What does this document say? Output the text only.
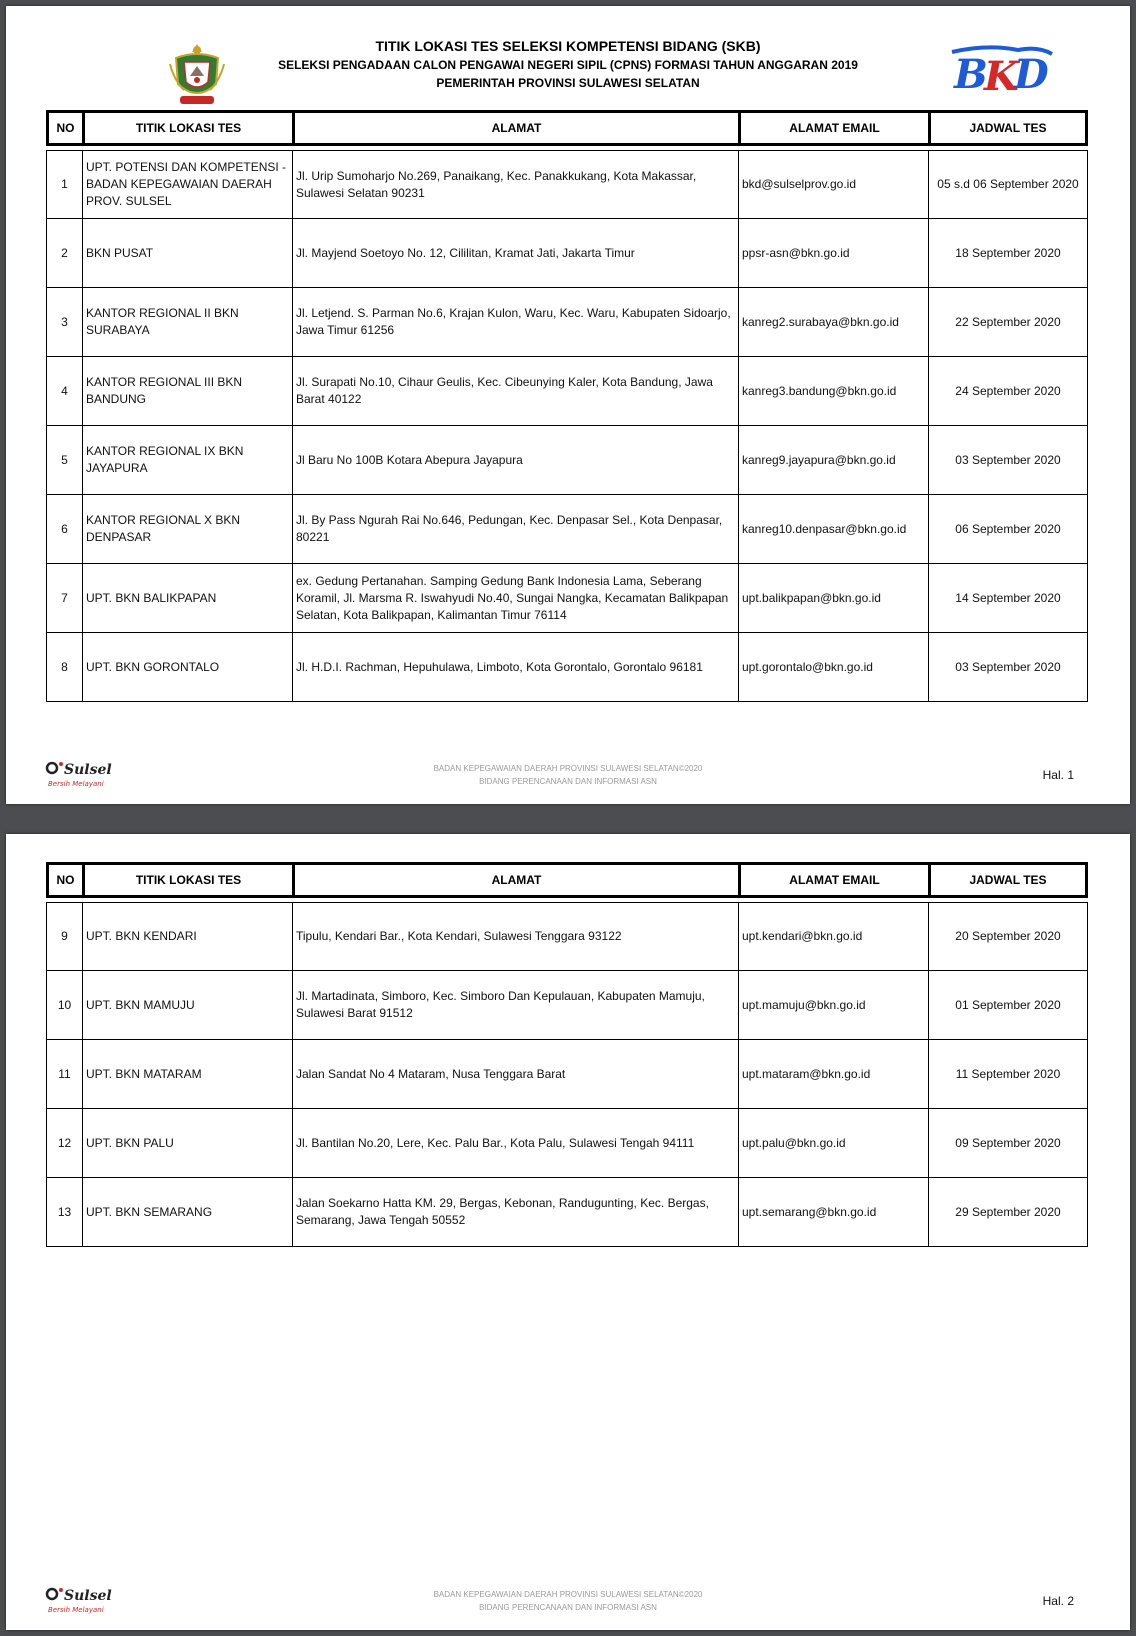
TITIK LOKASI TES SELEKSI KOMPETENSI BIDANG (SKB)
SELEKSI PENGADAAN CALON PENGAWAI NEGERI SIPIL (CPNS) FORMASI TAHUN ANGGARAN 2019
PEMERINTAH PROVINSI SULAWESI SELATAN	B
K
D
NO	TITIK LOKASI TES	ALAMAT	ALAMAT EMAIL	JADWAL TES

1	UPT. POTENSI DAN KOMPETENSI - BADAN KEPEGAWAIAN DAERAH PROV. SULSEL	Jl. Urip Sumoharjo No.269, Panaikang, Kec. Panakkukang, Kota Makassar, Sulawesi Selatan 90231	bkd@sulselprov.go.id	05 s.d 06 September 2020
2	BKN PUSAT	Jl. Mayjend Soetoyo No. 12, Cililitan, Kramat Jati, Jakarta Timur	ppsr-asn@bkn.go.id	18 September 2020
3	KANTOR REGIONAL II BKN SURABAYA	Jl. Letjend. S. Parman No.6, Krajan Kulon, Waru, Kec. Waru, Kabupaten Sidoarjo, Jawa Timur 61256	kanreg2.surabaya@bkn.go.id	22 September 2020
4	KANTOR REGIONAL III BKN BANDUNG	Jl. Surapati No.10, Cihaur Geulis, Kec. Cibeunying Kaler, Kota Bandung, Jawa Barat 40122	kanreg3.bandung@bkn.go.id	24 September 2020
5	KANTOR REGIONAL IX BKN JAYAPURA	Jl Baru No 100B Kotara Abepura Jayapura	kanreg9.jayapura@bkn.go.id	03 September 2020
6	KANTOR REGIONAL X BKN DENPASAR	Jl. By Pass Ngurah Rai No.646, Pedungan, Kec. Denpasar Sel., Kota Denpasar, 80221	kanreg10.denpasar@bkn.go.id	06 September 2020
7	UPT. BKN BALIKPAPAN	ex. Gedung Pertanahan. Samping Gedung Bank Indonesia Lama, Seberang Koramil, Jl. Marsma R. Iswahyudi No.40, Sungai Nangka, Kecamatan Balikpapan Selatan, Kota Balikpapan, Kalimantan Timur 76114	upt.balikpapan@bkn.go.id	14 September 2020
8	UPT. BKN GORONTALO	Jl. H.D.I. Rachman, Hepuhulawa, Limboto, Kota Gorontalo, Gorontalo 96181	upt.gorontalo@bkn.go.id	03 September 2020
Sulsel
Bersih Melayani
BADAN KEPEGAWAIAN DAERAH PROVINSI SULAWESI SELATAN©2020
BIDANG PERENCANAAN DAN INFORMASI ASN	Hal. 1
NO	TITIK LOKASI TES	ALAMAT	ALAMAT EMAIL	JADWAL TES

9	UPT. BKN KENDARI	Tipulu, Kendari Bar., Kota Kendari, Sulawesi Tenggara 93122	upt.kendari@bkn.go.id	20 September 2020
10	UPT. BKN MAMUJU	Jl. Martadinata, Simboro, Kec. Simboro Dan Kepulauan, Kabupaten Mamuju, Sulawesi Barat 91512	upt.mamuju@bkn.go.id	01 September 2020
11	UPT. BKN MATARAM	Jalan Sandat No 4 Mataram, Nusa Tenggara Barat	upt.mataram@bkn.go.id	11 September 2020
12	UPT. BKN PALU	Jl. Bantilan No.20, Lere, Kec. Palu Bar., Kota Palu, Sulawesi Tengah 94111	upt.palu@bkn.go.id	09 September 2020
13	UPT. BKN SEMARANG	Jalan Soekarno Hatta KM. 29, Bergas, Kebonan, Randugunting, Kec. Bergas, Semarang, Jawa Tengah 50552	upt.semarang@bkn.go.id	29 September 2020
Sulsel
Bersih Melayani
BADAN KEPEGAWAIAN DAERAH PROVINSI SULAWESI SELATAN©2020
BIDANG PERENCANAAN DAN INFORMASI ASN	Hal. 2
